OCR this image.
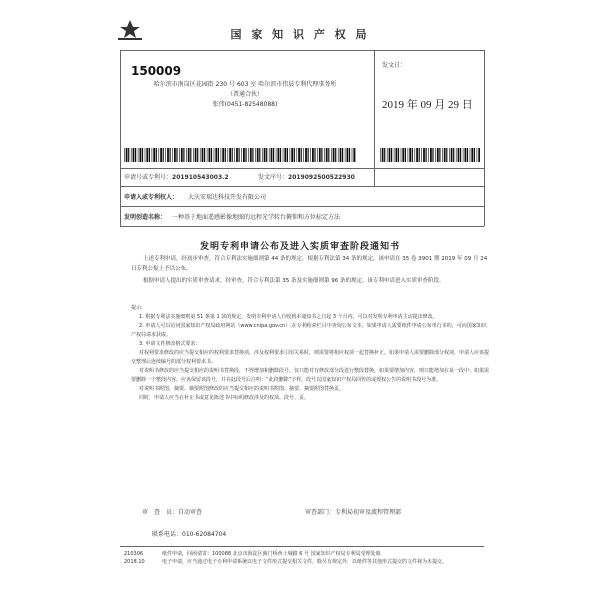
国 家 知 识 产 权 局
150009
哈尔滨市南岗区花园街 230 号 603 室 哈尔滨市伟晨专利代理事务所
（普通合伙）
张伟(0451-82548088)
发文日：
2019 年 09 月 29 日
申请号或专利号：201910543003.2	发文序号：2019092500522930
申请人或专利权人： 大庆安瑞达科技开发有限公司
发明创造名称： 一种基于地面遥感影像地图的远程光学转台俯仰和方位标定方法
发明专利申请公布及进入实质审查阶段通知书
上述专利申请，经初步审查，符合专利法实施细则第 44 条的规定。根据专利法第 34 条的规定，该申请在 35 卷 3901 期 2019 年 09 月 24 日专利公报上予以公布。
根据申请人提出的实质审查请求，经审查，符合专利法第 35 条及实施细则第 96 条的规定，该专利申请进入实质审查阶段。

提示:

1. 根据专利法实施细则第 51 条第 1 款的规定，发明专利申请人自收到本通知书之日起 3 个月内，可以对发明专利申请主动提出修改。

2. 申请人可以访问国家知识产权局政府网站（www.cnipa.gov.cn）,在专利检索栏目中查询公布文本。如果申请人需要纸件申请公布单行本的，可向国家知识产权局请求获取。

3. 申请文件修改格式要求：

对权利要求修改的应当提交相应的权利要求替换项，涉及权利要求引用关系时，则需要将相应权项一起替换补正。如果申请人需要删除部分权项，申请人应该提交整理后连续编号的部分权利要求书。

对说明书修改的应当提交相应的说明书替换段，不得增加和删除段号，仅只能对有修改部分段进行整段替换。如果要增加内容，则只能增加在某一段中；如果需要删除一个整段内容，应该保留该段号，并在此段号后注明：“此段删除”字样。段号以国家知识产权局回传的或授权公告的说明书段号为准。

对说明书附图、摘要、摘要附图修改的应当提交相应的说明书附图、摘要、摘要附图替换页。

同时，申请人应当在补正书或意见陈述书中标明修改涉及的权项、段号、页。

审　查　员：自动审查	审查部门：专利局初审及流程管理部
联系电话：010-62084704
210306
2018.10
纸件申请，回函请寄：100088 北京市海淀区蓟门桥西土城路 6 号 国家知识产权局专利局受理处收
电子申请，应当通过电子专利申请系统以电子文件形式提交相关文件。除另有规定外，以纸件等其他形式提交的文件视为未提交。
